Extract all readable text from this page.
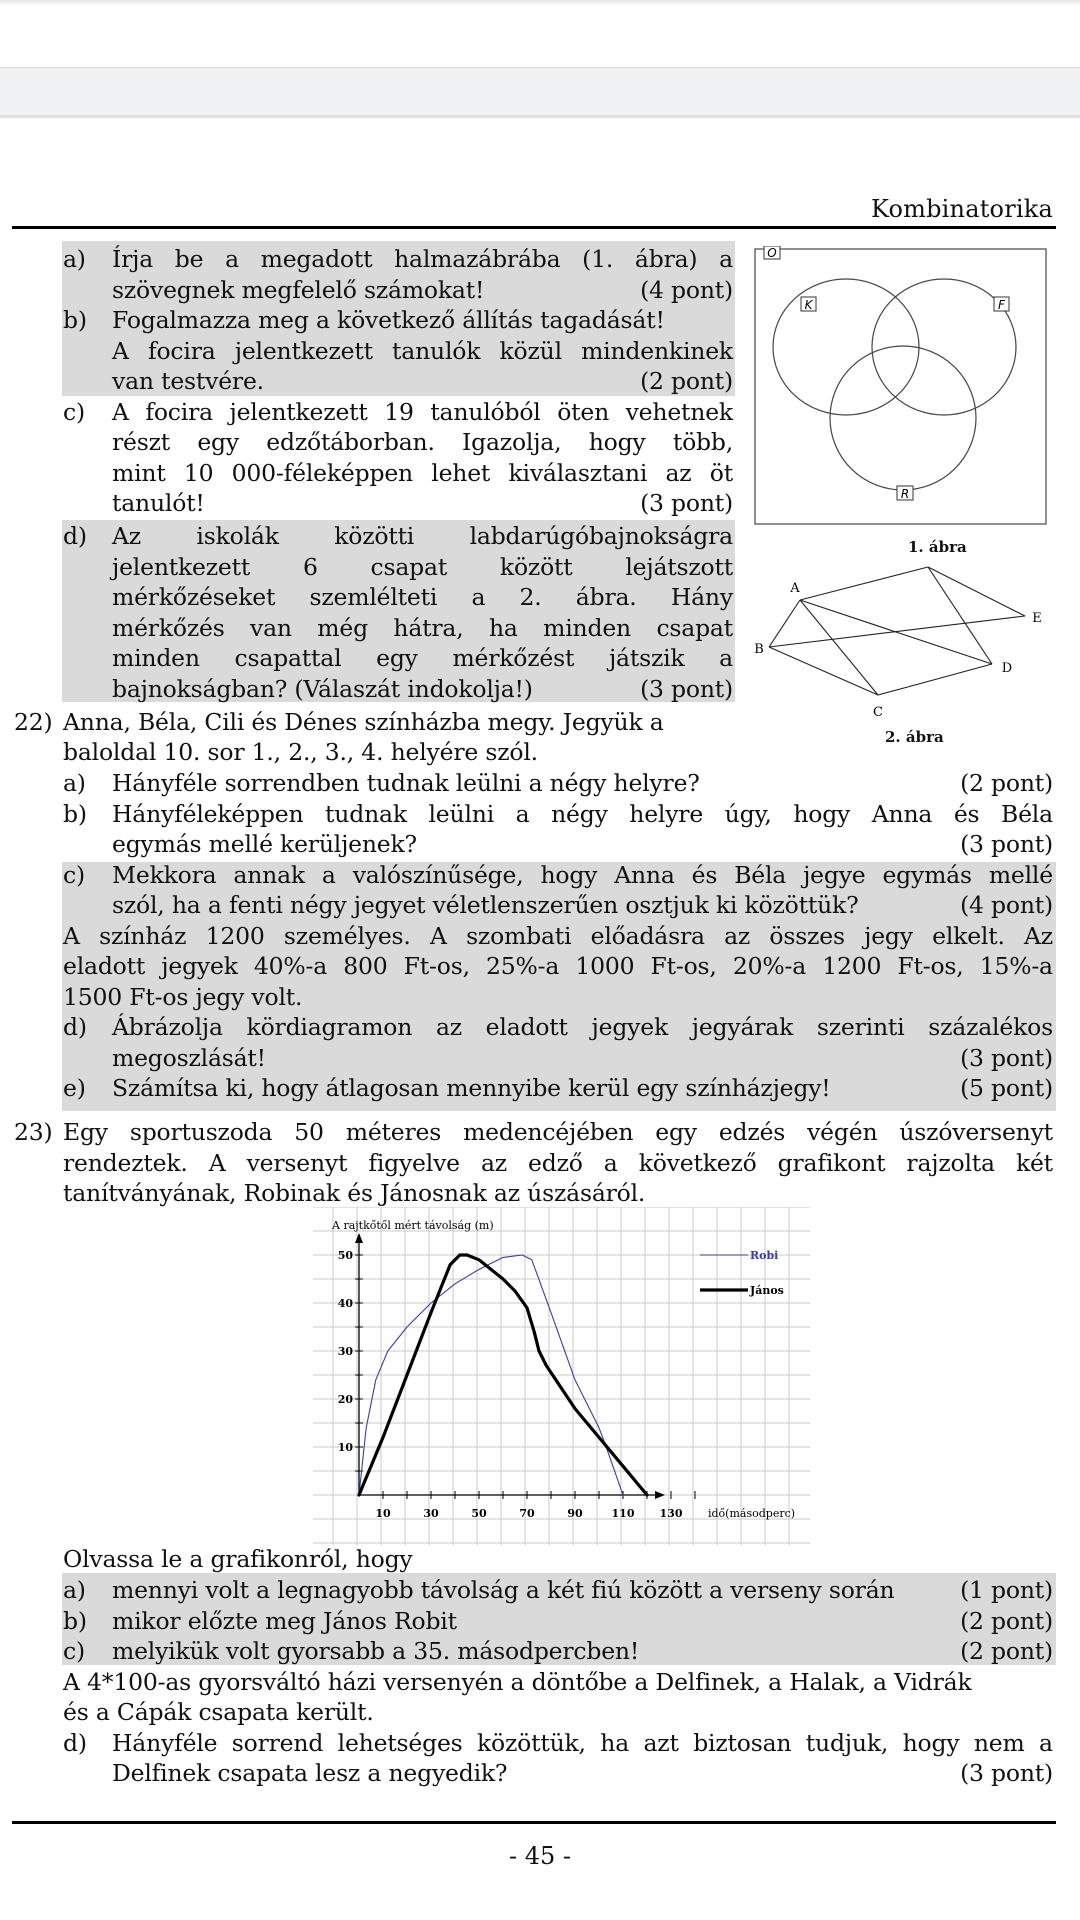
Kombinatorika
a) Írja be a megadott halmazábrába (1. ábra) a
szövegnek megfelelő számokat!	(4 pont)
b) Fogalmazza meg a következő állítás tagadását!
A focira jelentkezett tanulók közül mindenkinek
van testvére.	(2 pont)
c) A focira jelentkezett 19 tanulóból öten vehetnek
részt egy edzőtáborban. Igazolja, hogy több,
mint 10 000-féleképpen lehet kiválasztani az öt
tanulót!	(3 pont)
d) Az iskolák közötti labdarúgóbajnokságra
jelentkezett 6 csapat között lejátszott
mérkőzéseket szemlélteti a 2. ábra. Hány
mérkőzés van még hátra, ha minden csapat
minden csapattal egy mérkőzést játszik a
bajnokságban? (Válaszát indokolja!)	(3 pont)
O
K	F
R
1. ábra
A
B
C
D
E
2. ábra
22) Anna, Béla, Cili és Dénes színházba megy. Jegyük a
baloldal 10. sor 1., 2., 3., 4. helyére szól.
a) Hányféle sorrendben tudnak leülni a négy helyre?	(2 pont)
b) Hányféleképpen tudnak leülni a négy helyre úgy, hogy Anna és Béla
egymás mellé kerüljenek?	(3 pont)
c) Mekkora annak a valószínűsége, hogy Anna és Béla jegye egymás mellé
szól, ha a fenti négy jegyet véletlenszerűen osztjuk ki közöttük?	(4 pont)
A színház 1200 személyes. A szombati előadásra az összes jegy elkelt. Az
eladott jegyek 40%-a 800 Ft-os, 25%-a 1000 Ft-os, 20%-a 1200 Ft-os, 15%-a
1500 Ft-os jegy volt.
d) Ábrázolja kördiagramon az eladott jegyek jegyárak szerinti százalékos
megoszlását!	(3 pont)
e) Számítsa ki, hogy átlagosan mennyibe kerül egy színházjegy!	(5 pont)
23) Egy sportuszoda 50 méteres medencéjében egy edzés végén úszóversenyt
rendeztek. A versenyt figyelve az edző a következő grafikont rajzolta két
tanítványának, Robinak és Jánosnak az úszásáról.
Olvassa le a grafikonról, hogy
a) mennyi volt a legnagyobb távolság a két fiú között a verseny során	(1 pont)
b) mikor előzte meg János Robit	(2 pont)
c) melyikük volt gyorsabb a 35. másodpercben!	(2 pont)
A 4*100-as gyorsváltó házi versenyén a döntőbe a Delfinek, a Halak, a Vidrák
és a Cápák csapata került.
d) Hányféle sorrend lehetséges közöttük, ha azt biztosan tudjuk, hogy nem a
Delfinek csapata lesz a negyedik?	(3 pont)
10	30	50	70	90	110 130
10
20
30
40
50
idő(másodperc)
A rajtkőtől mért távolság (m)
Robi
János
- 45 -
